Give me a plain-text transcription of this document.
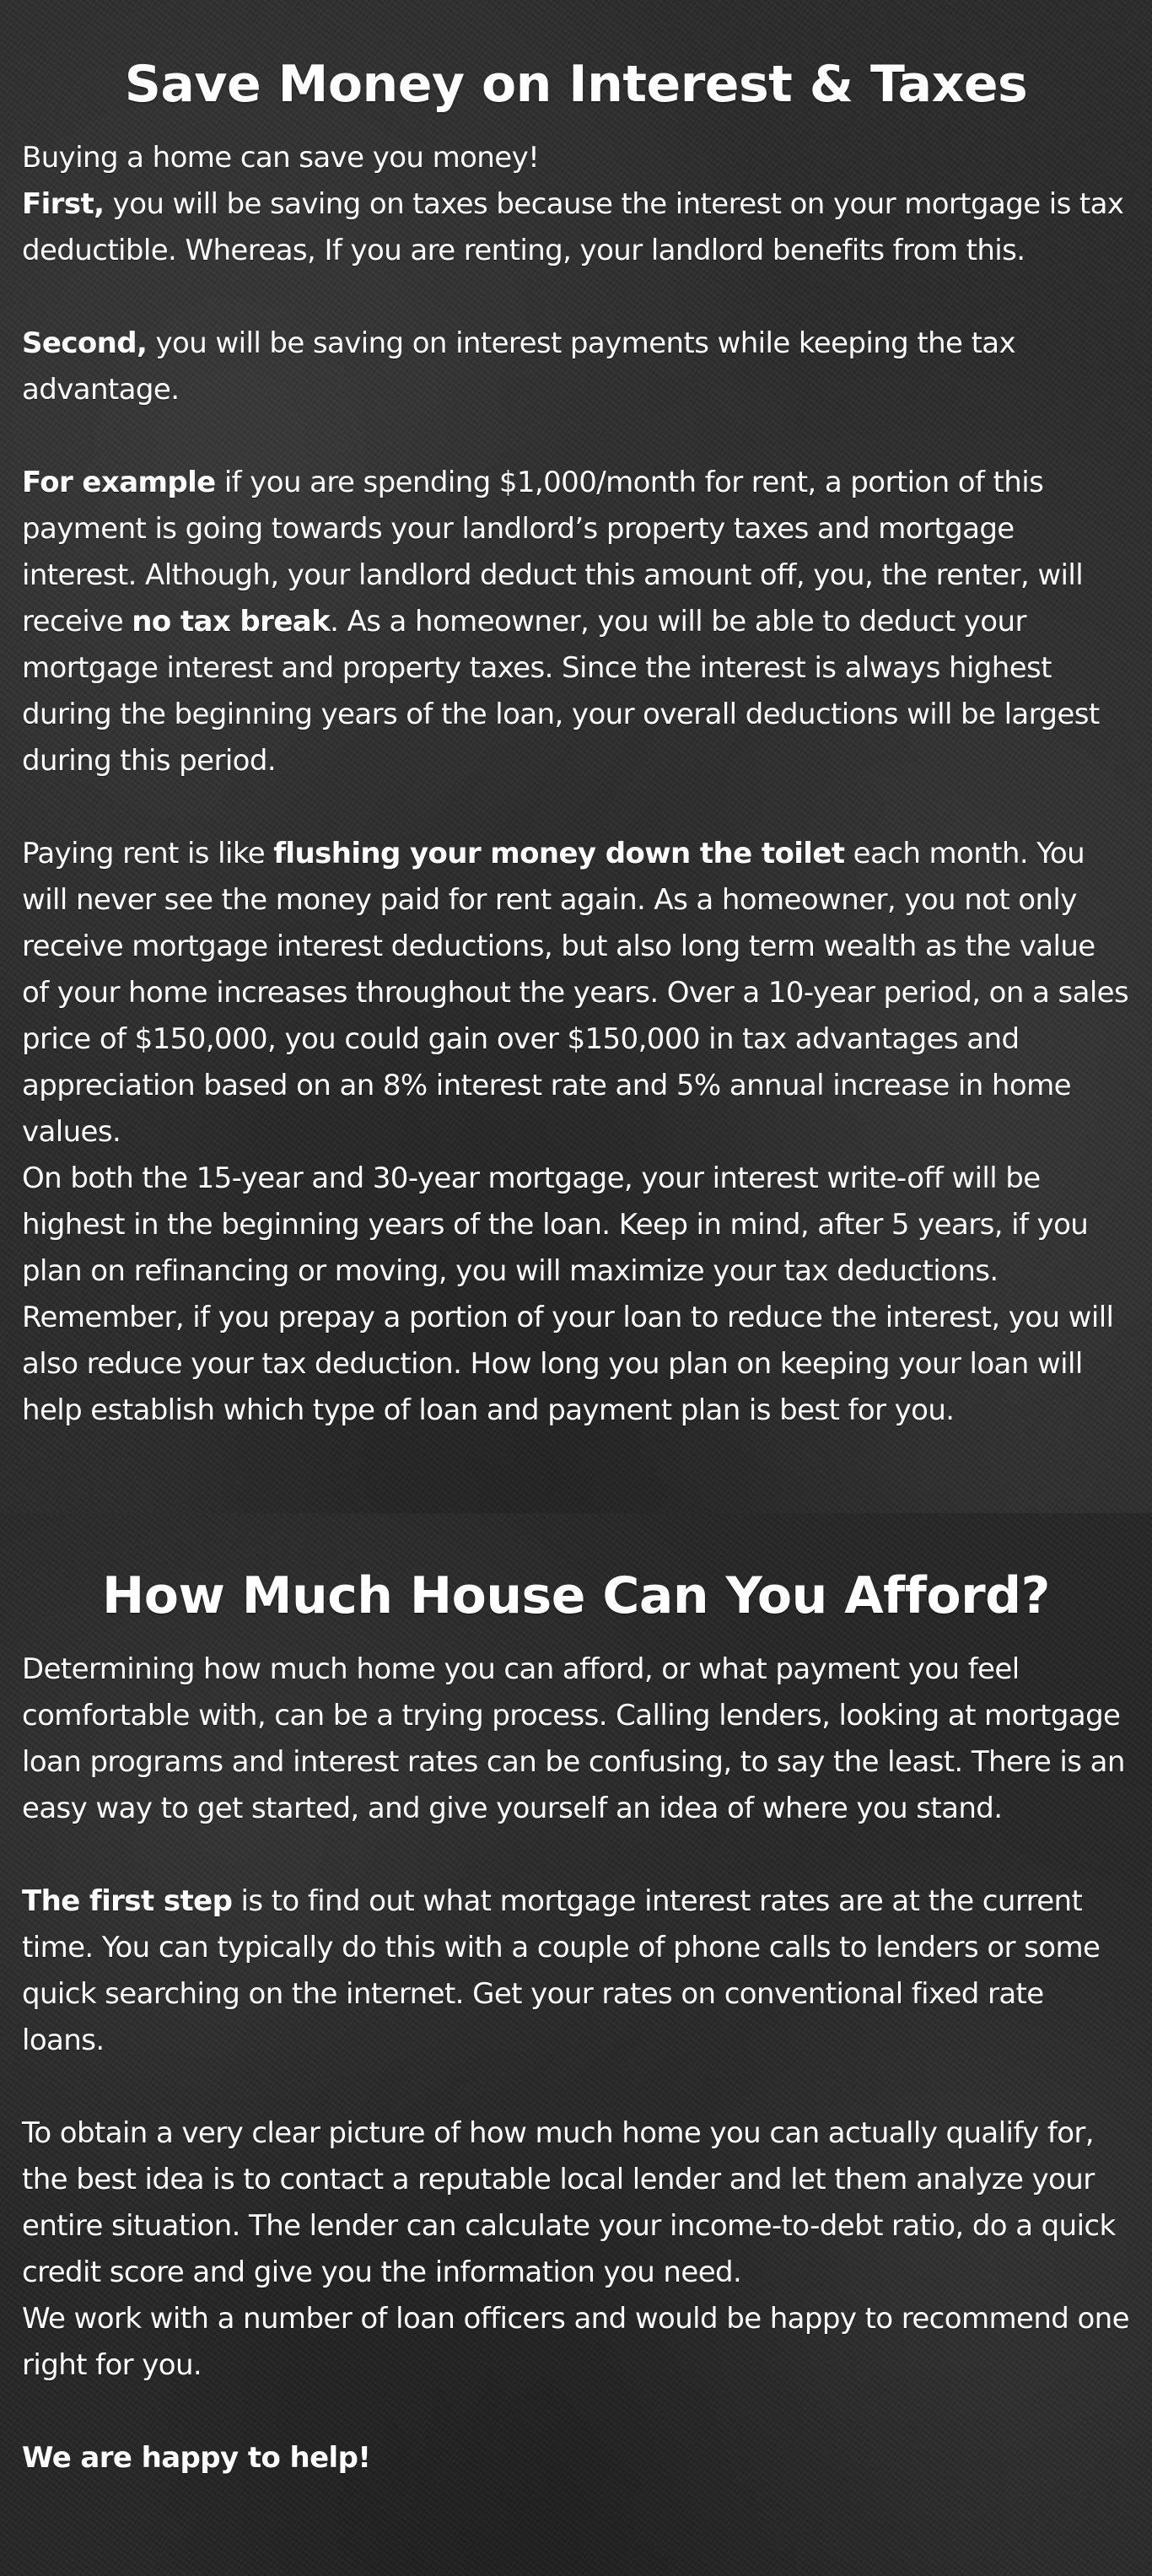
Save Money on Interest & Taxes

Buying a home can save you money!

First, you will be saving on taxes because the interest on your mortgage is tax deductible. Whereas, If you are renting, your landlord benefits from this.

Second, you will be saving on interest payments while keeping the tax advantage.

For example if you are spending $1,000/month for rent, a portion of this payment is going towards your landlord’s property taxes and mortgage interest. Although, your landlord deduct this amount off, you, the renter, will receive no tax break. As a homeowner, you will be able to deduct your mortgage interest and property taxes. Since the interest is always highest during the beginning years of the loan, your overall deductions will be largest during this period.

Paying rent is like flushing your money down the toilet each month. You will never see the money paid for rent again. As a homeowner, you not only receive mortgage interest deductions, but also long term wealth as the value of your home increases throughout the years. Over a 10-year period, on a sales price of $150,000, you could gain over $150,000 in tax advantages and appreciation based on an 8% interest rate and 5% annual increase in home values.

On both the 15-year and 30-year mortgage, your interest write-off will be highest in the beginning years of the loan. Keep in mind, after 5 years, if you plan on refinancing or moving, you will maximize your tax deductions. Remember, if you prepay a portion of your loan to reduce the interest, you will also reduce your tax deduction. How long you plan on keeping your loan will help establish which type of loan and payment plan is best for you.

How Much House Can You Afford?

Determining how much home you can afford, or what payment you feel comfortable with, can be a trying process. Calling lenders, looking at mortgage loan programs and interest rates can be confusing, to say the least. There is an easy way to get started, and give yourself an idea of where you stand.

The first step is to find out what mortgage interest rates are at the current time. You can typically do this with a couple of phone calls to lenders or some quick searching on the internet. Get your rates on conventional fixed rate loans.

To obtain a very clear picture of how much home you can actually qualify for, the best idea is to contact a reputable local lender and let them analyze your entire situation. The lender can calculate your income-to-debt ratio, do a quick credit score and give you the information you need.

We work with a number of loan officers and would be happy to recommend one right for you.

We are happy to help!
